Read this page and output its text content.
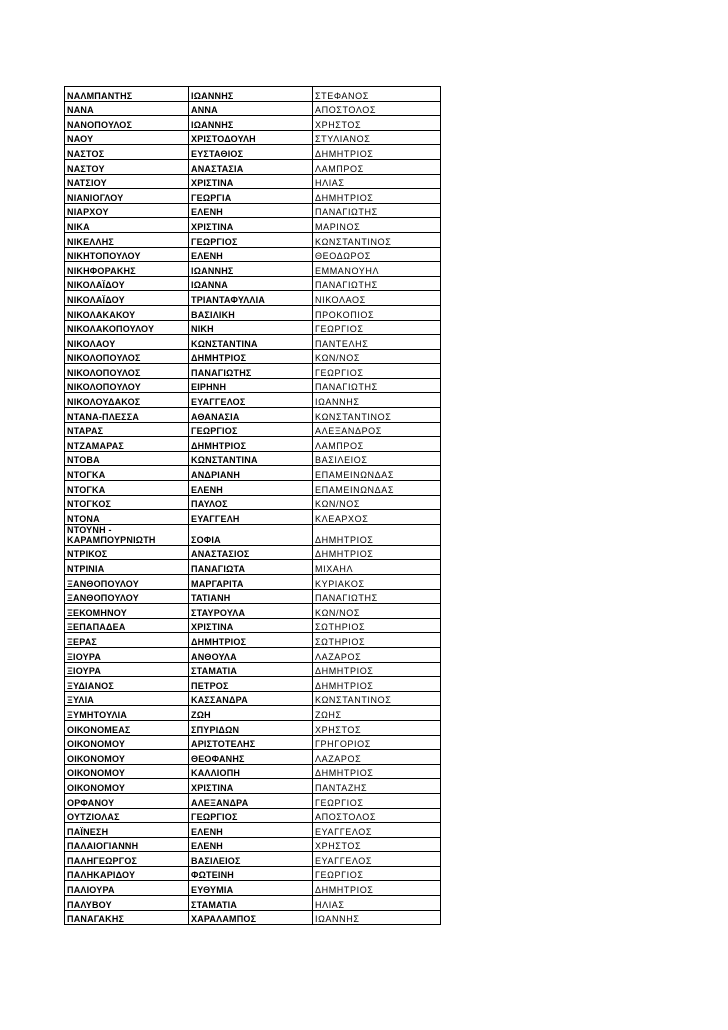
ΝΑΛΜΠΑΝΤΗΣ	ΙΩΑΝΝΗΣ	ΣΤΕΦΑΝΟΣ
ΝΑΝΑ	ΑΝΝΑ	ΑΠΟΣΤΟΛΟΣ
ΝΑΝΟΠΟΥΛΟΣ	ΙΩΑΝΝΗΣ	ΧΡΗΣΤΟΣ
ΝΑΟΥ	ΧΡΙΣΤΟΔΟΥΛΗ	ΣΤΥΛΙΑΝΟΣ
ΝΑΣΤΟΣ	ΕΥΣΤΑΘΙΟΣ	ΔΗΜΗΤΡΙΟΣ
ΝΑΣΤΟΥ	ΑΝΑΣΤΑΣΙΑ	ΛΑΜΠΡΟΣ
ΝΑΤΣΙΟΥ	ΧΡΙΣΤΙΝΑ	ΗΛΙΑΣ
ΝΙΑΝΙΟΓΛΟΥ	ΓΕΩΡΓΙΑ	ΔΗΜΗΤΡΙΟΣ
ΝΙΑΡΧΟΥ	ΕΛΕΝΗ	ΠΑΝΑΓΙΩΤΗΣ
ΝΙΚΑ	ΧΡΙΣΤΙΝΑ	ΜΑΡΙΝΟΣ
ΝΙΚΕΛΛΗΣ	ΓΕΩΡΓΙΟΣ	ΚΩΝΣΤΑΝΤΙΝΟΣ
ΝΙΚΗΤΟΠΟΥΛΟΥ	ΕΛΕΝΗ	ΘΕΟΔΩΡΟΣ
ΝΙΚΗΦΟΡΑΚΗΣ	ΙΩΑΝΝΗΣ	ΕΜΜΑΝΟΥΗΛ
ΝΙΚΟΛΑΪΔΟΥ	ΙΩΑΝΝΑ	ΠΑΝΑΓΙΩΤΗΣ
ΝΙΚΟΛΑΪΔΟΥ	ΤΡΙΑΝΤΑΦΥΛΛΙΑ	ΝΙΚΟΛΑΟΣ
ΝΙΚΟΛΑΚΑΚΟΥ	ΒΑΣΙΛΙΚΗ	ΠΡΟΚΟΠΙΟΣ
ΝΙΚΟΛΑΚΟΠΟΥΛΟΥ	ΝΙΚΗ	ΓΕΩΡΓΙΟΣ
ΝΙΚΟΛΑΟΥ	ΚΩΝΣΤΑΝΤΙΝΑ	ΠΑΝΤΕΛΗΣ
ΝΙΚΟΛΟΠΟΥΛΟΣ	ΔΗΜΗΤΡΙΟΣ	ΚΩΝ/ΝΟΣ
ΝΙΚΟΛΟΠΟΥΛΟΣ	ΠΑΝΑΓΙΩΤΗΣ	ΓΕΩΡΓΙΟΣ
ΝΙΚΟΛΟΠΟΥΛΟΥ	ΕΙΡΗΝΗ	ΠΑΝΑΓΙΩΤΗΣ
ΝΙΚΟΛΟΥΔΑΚΟΣ	ΕΥΑΓΓΕΛΟΣ	ΙΩΑΝΝΗΣ
ΝΤΑΝΑ-ΠΛΕΣΣΑ	ΑΘΑΝΑΣΙΑ	ΚΩΝΣΤΑΝΤΙΝΟΣ
ΝΤΑΡΑΣ	ΓΕΩΡΓΙΟΣ	ΑΛΕΞΑΝΔΡΟΣ
ΝΤΖΑΜΑΡΑΣ	ΔΗΜΗΤΡΙΟΣ	ΛΑΜΠΡΟΣ
ΝΤΟΒΑ	ΚΩΝΣΤΑΝΤΙΝΑ	ΒΑΣΙΛΕΙΟΣ
ΝΤΟΓΚΑ	ΑΝΔΡΙΑΝΗ	ΕΠΑΜΕΙΝΩΝΔΑΣ
ΝΤΟΓΚΑ	ΕΛΕΝΗ	ΕΠΑΜΕΙΝΩΝΔΑΣ
ΝΤΟΓΚΟΣ	ΠΑΥΛΟΣ	ΚΩΝ/ΝΟΣ
ΝΤΟΝΑ	ΕΥΑΓΓΕΛΗ	ΚΛΕΑΡΧΟΣ
ΝΤΟΥΝΗ - ΚΑΡΑΜΠΟΥΡΝΙΩΤΗ	ΣΟΦΙΑ	ΔΗΜΗΤΡΙΟΣ
ΝΤΡΙΚΟΣ	ΑΝΑΣΤΑΣΙΟΣ	ΔΗΜΗΤΡΙΟΣ
ΝΤΡΙΝΙΑ	ΠΑΝΑΓΙΩΤΑ	ΜΙΧΑΗΛ
ΞΑΝΘΟΠΟΥΛΟΥ	ΜΑΡΓΑΡΙΤΑ	ΚΥΡΙΑΚΟΣ
ΞΑΝΘΟΠΟΥΛΟΥ	ΤΑΤΙΑΝΗ	ΠΑΝΑΓΙΩΤΗΣ
ΞΕΚΟΜΗΝΟΥ	ΣΤΑΥΡΟΥΛΑ	ΚΩΝ/ΝΟΣ
ΞΕΠΑΠΑΔΕΑ	ΧΡΙΣΤΙΝΑ	ΣΩΤΗΡΙΟΣ
ΞΕΡΑΣ	ΔΗΜΗΤΡΙΟΣ	ΣΩΤΗΡΙΟΣ
ΞΙΟΥΡΑ	ΑΝΘΟΥΛΑ	ΛΑΖΑΡΟΣ
ΞΙΟΥΡΑ	ΣΤΑΜΑΤΙΑ	ΔΗΜΗΤΡΙΟΣ
ΞΥΔΙΑΝΟΣ	ΠΕΤΡΟΣ	ΔΗΜΗΤΡΙΟΣ
ΞΥΛΙΑ	ΚΑΣΣΑΝΔΡΑ	ΚΩΝΣΤΑΝΤΙΝΟΣ
ΞΥΜΗΤΟΥΛΙΑ	ΖΩΗ	ΖΩΗΣ
ΟΙΚΟΝΟΜΕΑΣ	ΣΠΥΡΙΔΩΝ	ΧΡΗΣΤΟΣ
ΟΙΚΟΝΟΜΟΥ	ΑΡΙΣΤΟΤΕΛΗΣ	ΓΡΗΓΟΡΙΟΣ
ΟΙΚΟΝΟΜΟΥ	ΘΕΟΦΑΝΗΣ	ΛΑΖΑΡΟΣ
ΟΙΚΟΝΟΜΟΥ	ΚΑΛΛΙΟΠΗ	ΔΗΜΗΤΡΙΟΣ
ΟΙΚΟΝΟΜΟΥ	ΧΡΙΣΤΙΝΑ	ΠΑΝΤΑΖΗΣ
ΟΡΦΑΝΟΥ	ΑΛΕΞΑΝΔΡΑ	ΓΕΩΡΓΙΟΣ
ΟΥΤΖΙΟΛΑΣ	ΓΕΩΡΓΙΟΣ	ΑΠΟΣΤΟΛΟΣ
ΠΑΪΝΕΣΗ	ΕΛΕΝΗ	ΕΥΑΓΓΕΛΟΣ
ΠΑΛΑΙΟΓΙΑΝΝΗ	ΕΛΕΝΗ	ΧΡΗΣΤΟΣ
ΠΑΛΗΓΕΩΡΓΟΣ	ΒΑΣΙΛΕΙΟΣ	ΕΥΑΓΓΕΛΟΣ
ΠΑΛΗΚΑΡΙΔΟΥ	ΦΩΤΕΙΝΗ	ΓΕΩΡΓΙΟΣ
ΠΑΛΙΟΥΡΑ	ΕΥΘΥΜΙΑ	ΔΗΜΗΤΡΙΟΣ
ΠΑΛΥΒΟΥ	ΣΤΑΜΑΤΙΑ	ΗΛΙΑΣ
ΠΑΝΑΓΑΚΗΣ	ΧΑΡΑΛΑΜΠΟΣ	ΙΩΑΝΝΗΣ
